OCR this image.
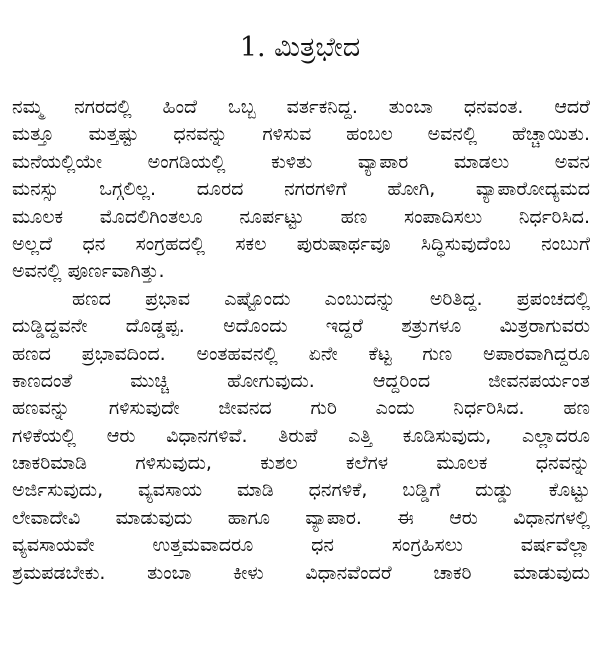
1. ಮಿತ್ರಭೇದ
ನಮ್ಮ ನಗರದಲ್ಲಿ ಹಿಂದೆ ಒಬ್ಬ ವರ್ತಕನಿದ್ದ. ತುಂಬಾ ಧನವಂತ. ಆದರೆ
ಮತ್ತೂ ಮತ್ತಷ್ಟು ಧನವನ್ನು ಗಳಿಸುವ ಹಂಬಲ ಅವನಲ್ಲಿ ಹೆಚ್ಚಾಯಿತು.
ಮನೆಯಲ್ಲಿಯೇ ಅಂಗಡಿಯಲ್ಲಿ ಕುಳಿತು ವ್ಯಾಪಾರ ಮಾಡಲು ಅವನ
ಮನಸ್ಸು ಒಗ್ಗಲಿಲ್ಲ. ದೂರದ ನಗರಗಳಿಗೆ ಹೋಗಿ, ವ್ಯಾಪಾರೋದ್ಯಮದ
ಮೂಲಕ ಮೊದಲಿಗಿಂತಲೂ ನೂರ್ಪಟ್ಟು ಹಣ ಸಂಪಾದಿಸಲು ನಿರ್ಧರಿಸಿದ.
ಅಲ್ಲದೆ ಧನ ಸಂಗ್ರಹದಲ್ಲಿ ಸಕಲ ಪುರುಷಾರ್ಥವೂ ಸಿದ್ಧಿಸುವುದೆಂಬ ನಂಬುಗೆ
ಅವನಲ್ಲಿ ಪೂರ್ಣವಾಗಿತ್ತು.
ಹಣದ ಪ್ರಭಾವ ಎಷ್ಟೊಂದು ಎಂಬುದನ್ನು ಅರಿತಿದ್ದ. ಪ್ರಪಂಚದಲ್ಲಿ
ದುಡ್ಡಿದ್ದವನೇ ದೊಡ್ಡಪ್ಪ. ಅದೊಂದು ಇದ್ದರೆ ಶತ್ರುಗಳೂ ಮಿತ್ರರಾಗುವರು
ಹಣದ ಪ್ರಭಾವದಿಂದ. ಅಂತಹವನಲ್ಲಿ ಏನೇ ಕೆಟ್ಟ ಗುಣ ಅಪಾರವಾಗಿದ್ದರೂ
ಕಾಣದಂತೆ ಮುಚ್ಚಿ ಹೋಗುವುದು. ಆದ್ದರಿಂದ ಜೀವನಪರ್ಯಂತ
ಹಣವನ್ನು ಗಳಿಸುವುದೇ ಜೀವನದ ಗುರಿ ಎಂದು ನಿರ್ಧರಿಸಿದ. ಹಣ
ಗಳಿಕೆಯಲ್ಲಿ ಆರು ವಿಧಾನಗಳಿವೆ. ತಿರುಪೆ ಎತ್ತಿ ಕೂಡಿಸುವುದು, ಎಲ್ಲಾದರೂ
ಚಾಕರಿಮಾಡಿ ಗಳಿಸುವುದು, ಕುಶಲ ಕಲೆಗಳ ಮೂಲಕ ಧನವನ್ನು
ಅರ್ಜಿಸುವುದು, ವ್ಯವಸಾಯ ಮಾಡಿ ಧನಗಳಿಕೆ, ಬಡ್ಡಿಗೆ ದುಡ್ಡು ಕೊಟ್ಟು
ಲೇವಾದೇವಿ ಮಾಡುವುದು ಹಾಗೂ ವ್ಯಾಪಾರ. ಈ ಆರು ವಿಧಾನಗಳಲ್ಲಿ
ವ್ಯವಸಾಯವೇ ಉತ್ತಮವಾದರೂ ಧನ ಸಂಗ್ರಹಿಸಲು ವರ್ಷವೆಲ್ಲಾ
ಶ್ರಮಪಡಬೇಕು. ತುಂಬಾ ಕೀಳು ವಿಧಾನವೆಂದರೆ ಚಾಕರಿ ಮಾಡುವುದು
